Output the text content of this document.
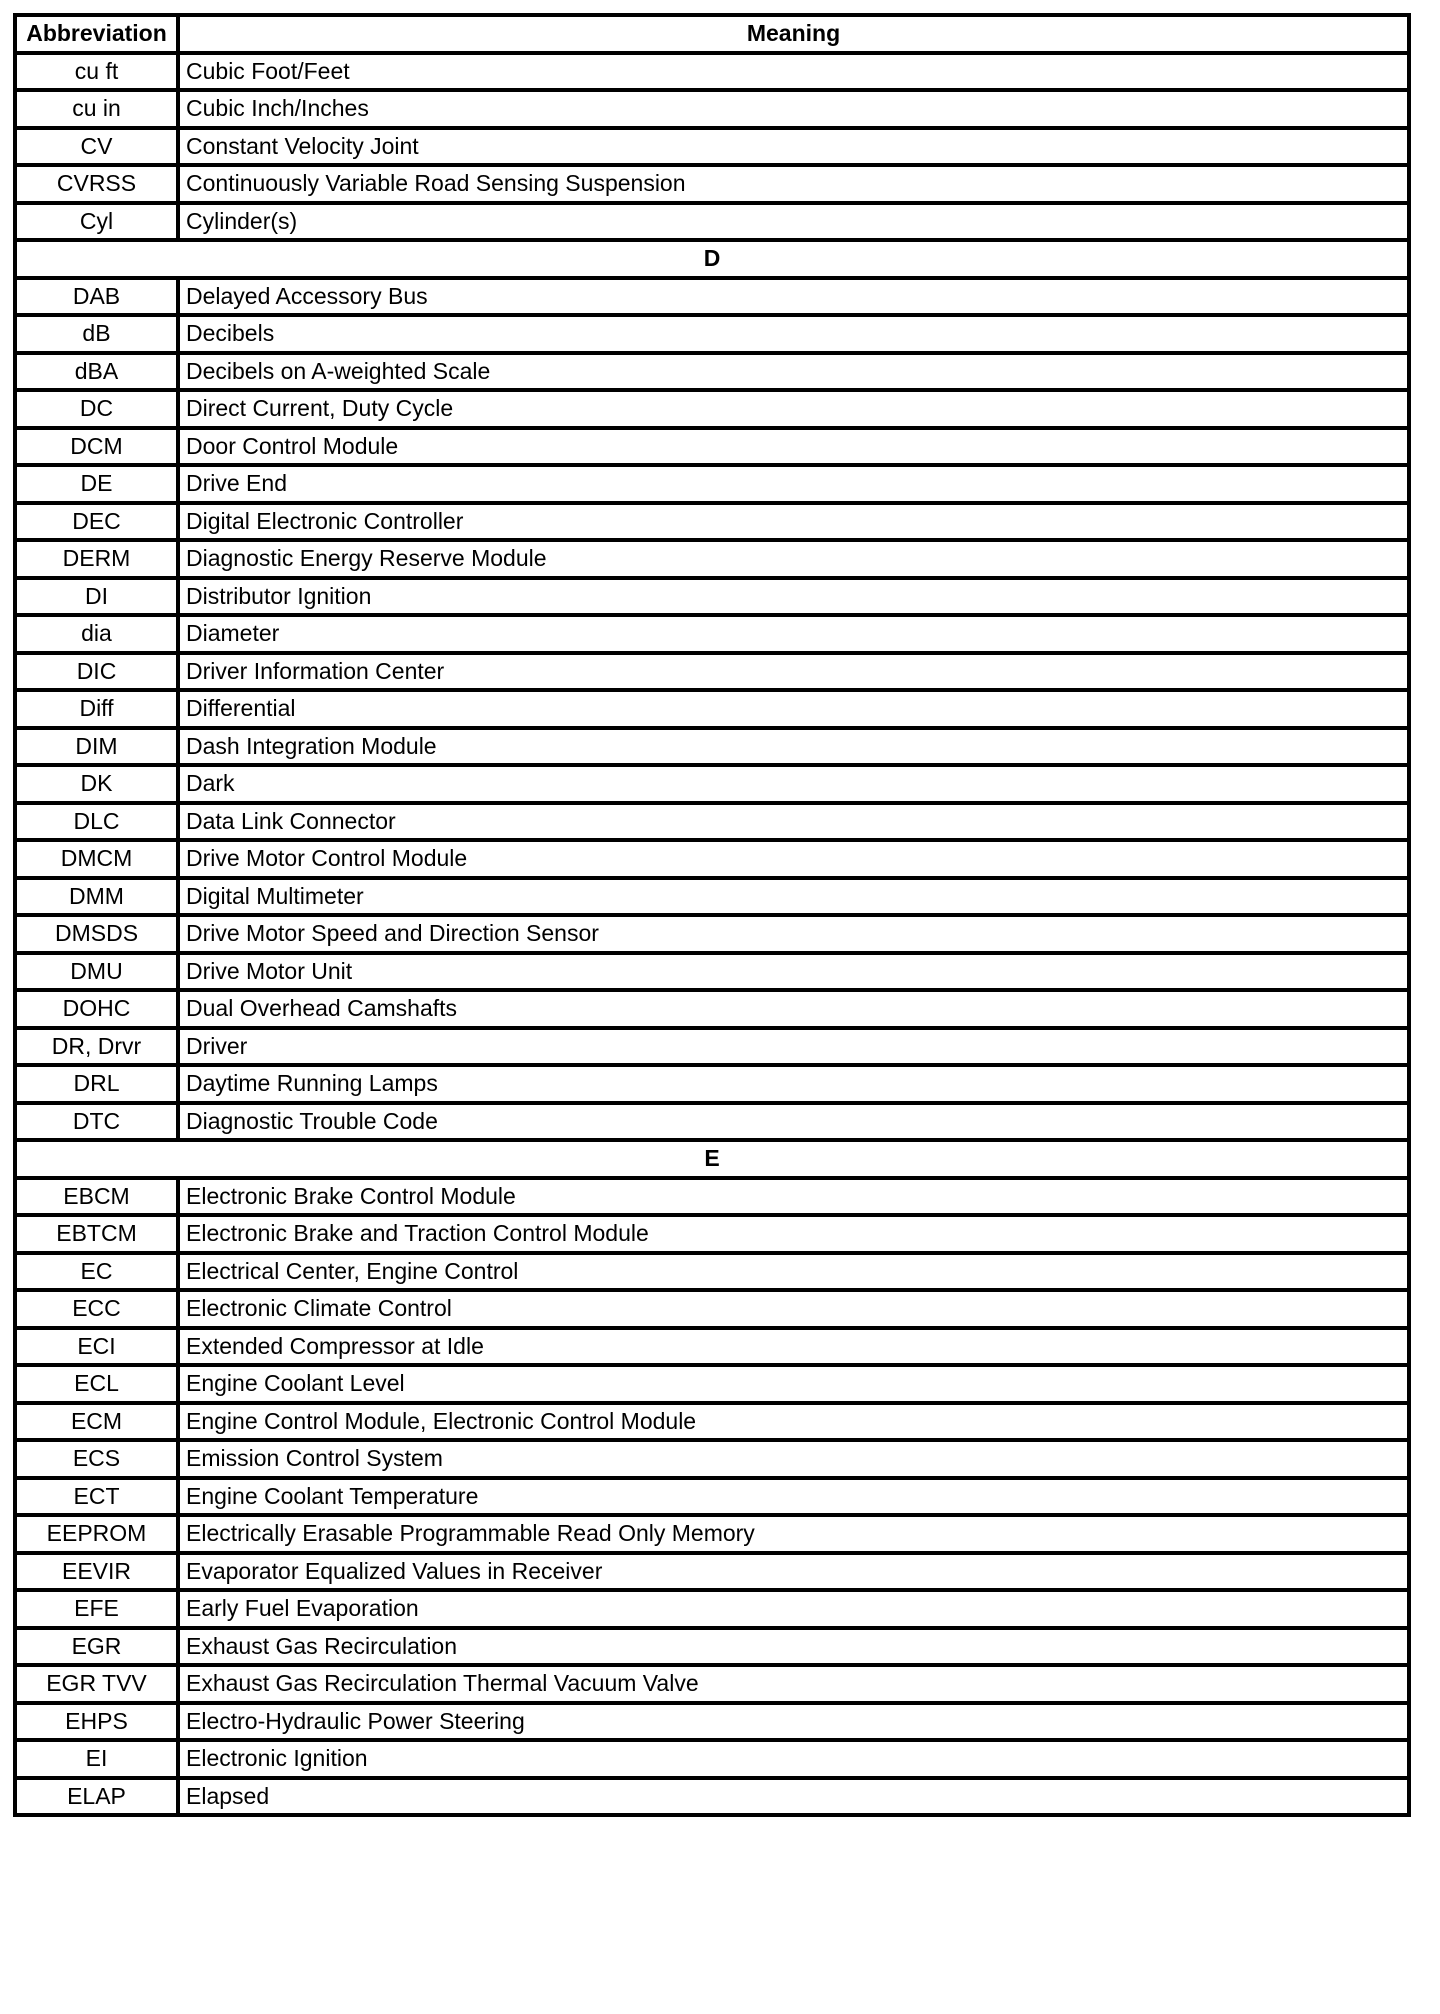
Abbreviation	Meaning
cu ft	Cubic Foot/Feet
cu in	Cubic Inch/Inches
CV	Constant Velocity Joint
CVRSS	Continuously Variable Road Sensing Suspension
Cyl	Cylinder(s)
D	
DAB	Delayed Accessory Bus
dB	Decibels
dBA	Decibels on A-weighted Scale
DC	Direct Current, Duty Cycle
DCM	Door Control Module
DE	Drive End
DEC	Digital Electronic Controller
DERM	Diagnostic Energy Reserve Module
DI	Distributor Ignition
dia	Diameter
DIC	Driver Information Center
Diff	Differential
DIM	Dash Integration Module
DK	Dark
DLC	Data Link Connector
DMCM	Drive Motor Control Module
DMM	Digital Multimeter
DMSDS	Drive Motor Speed and Direction Sensor
DMU	Drive Motor Unit
DOHC	Dual Overhead Camshafts
DR, Drvr	Driver
DRL	Daytime Running Lamps
DTC	Diagnostic Trouble Code
E	
EBCM	Electronic Brake Control Module
EBTCM	Electronic Brake and Traction Control Module
EC	Electrical Center, Engine Control
ECC	Electronic Climate Control
ECI	Extended Compressor at Idle
ECL	Engine Coolant Level
ECM	Engine Control Module, Electronic Control Module
ECS	Emission Control System
ECT	Engine Coolant Temperature
EEPROM	Electrically Erasable Programmable Read Only Memory
EEVIR	Evaporator Equalized Values in Receiver
EFE	Early Fuel Evaporation
EGR	Exhaust Gas Recirculation
EGR TVV	Exhaust Gas Recirculation Thermal Vacuum Valve
EHPS	Electro-Hydraulic Power Steering
EI	Electronic Ignition
ELAP	Elapsed
